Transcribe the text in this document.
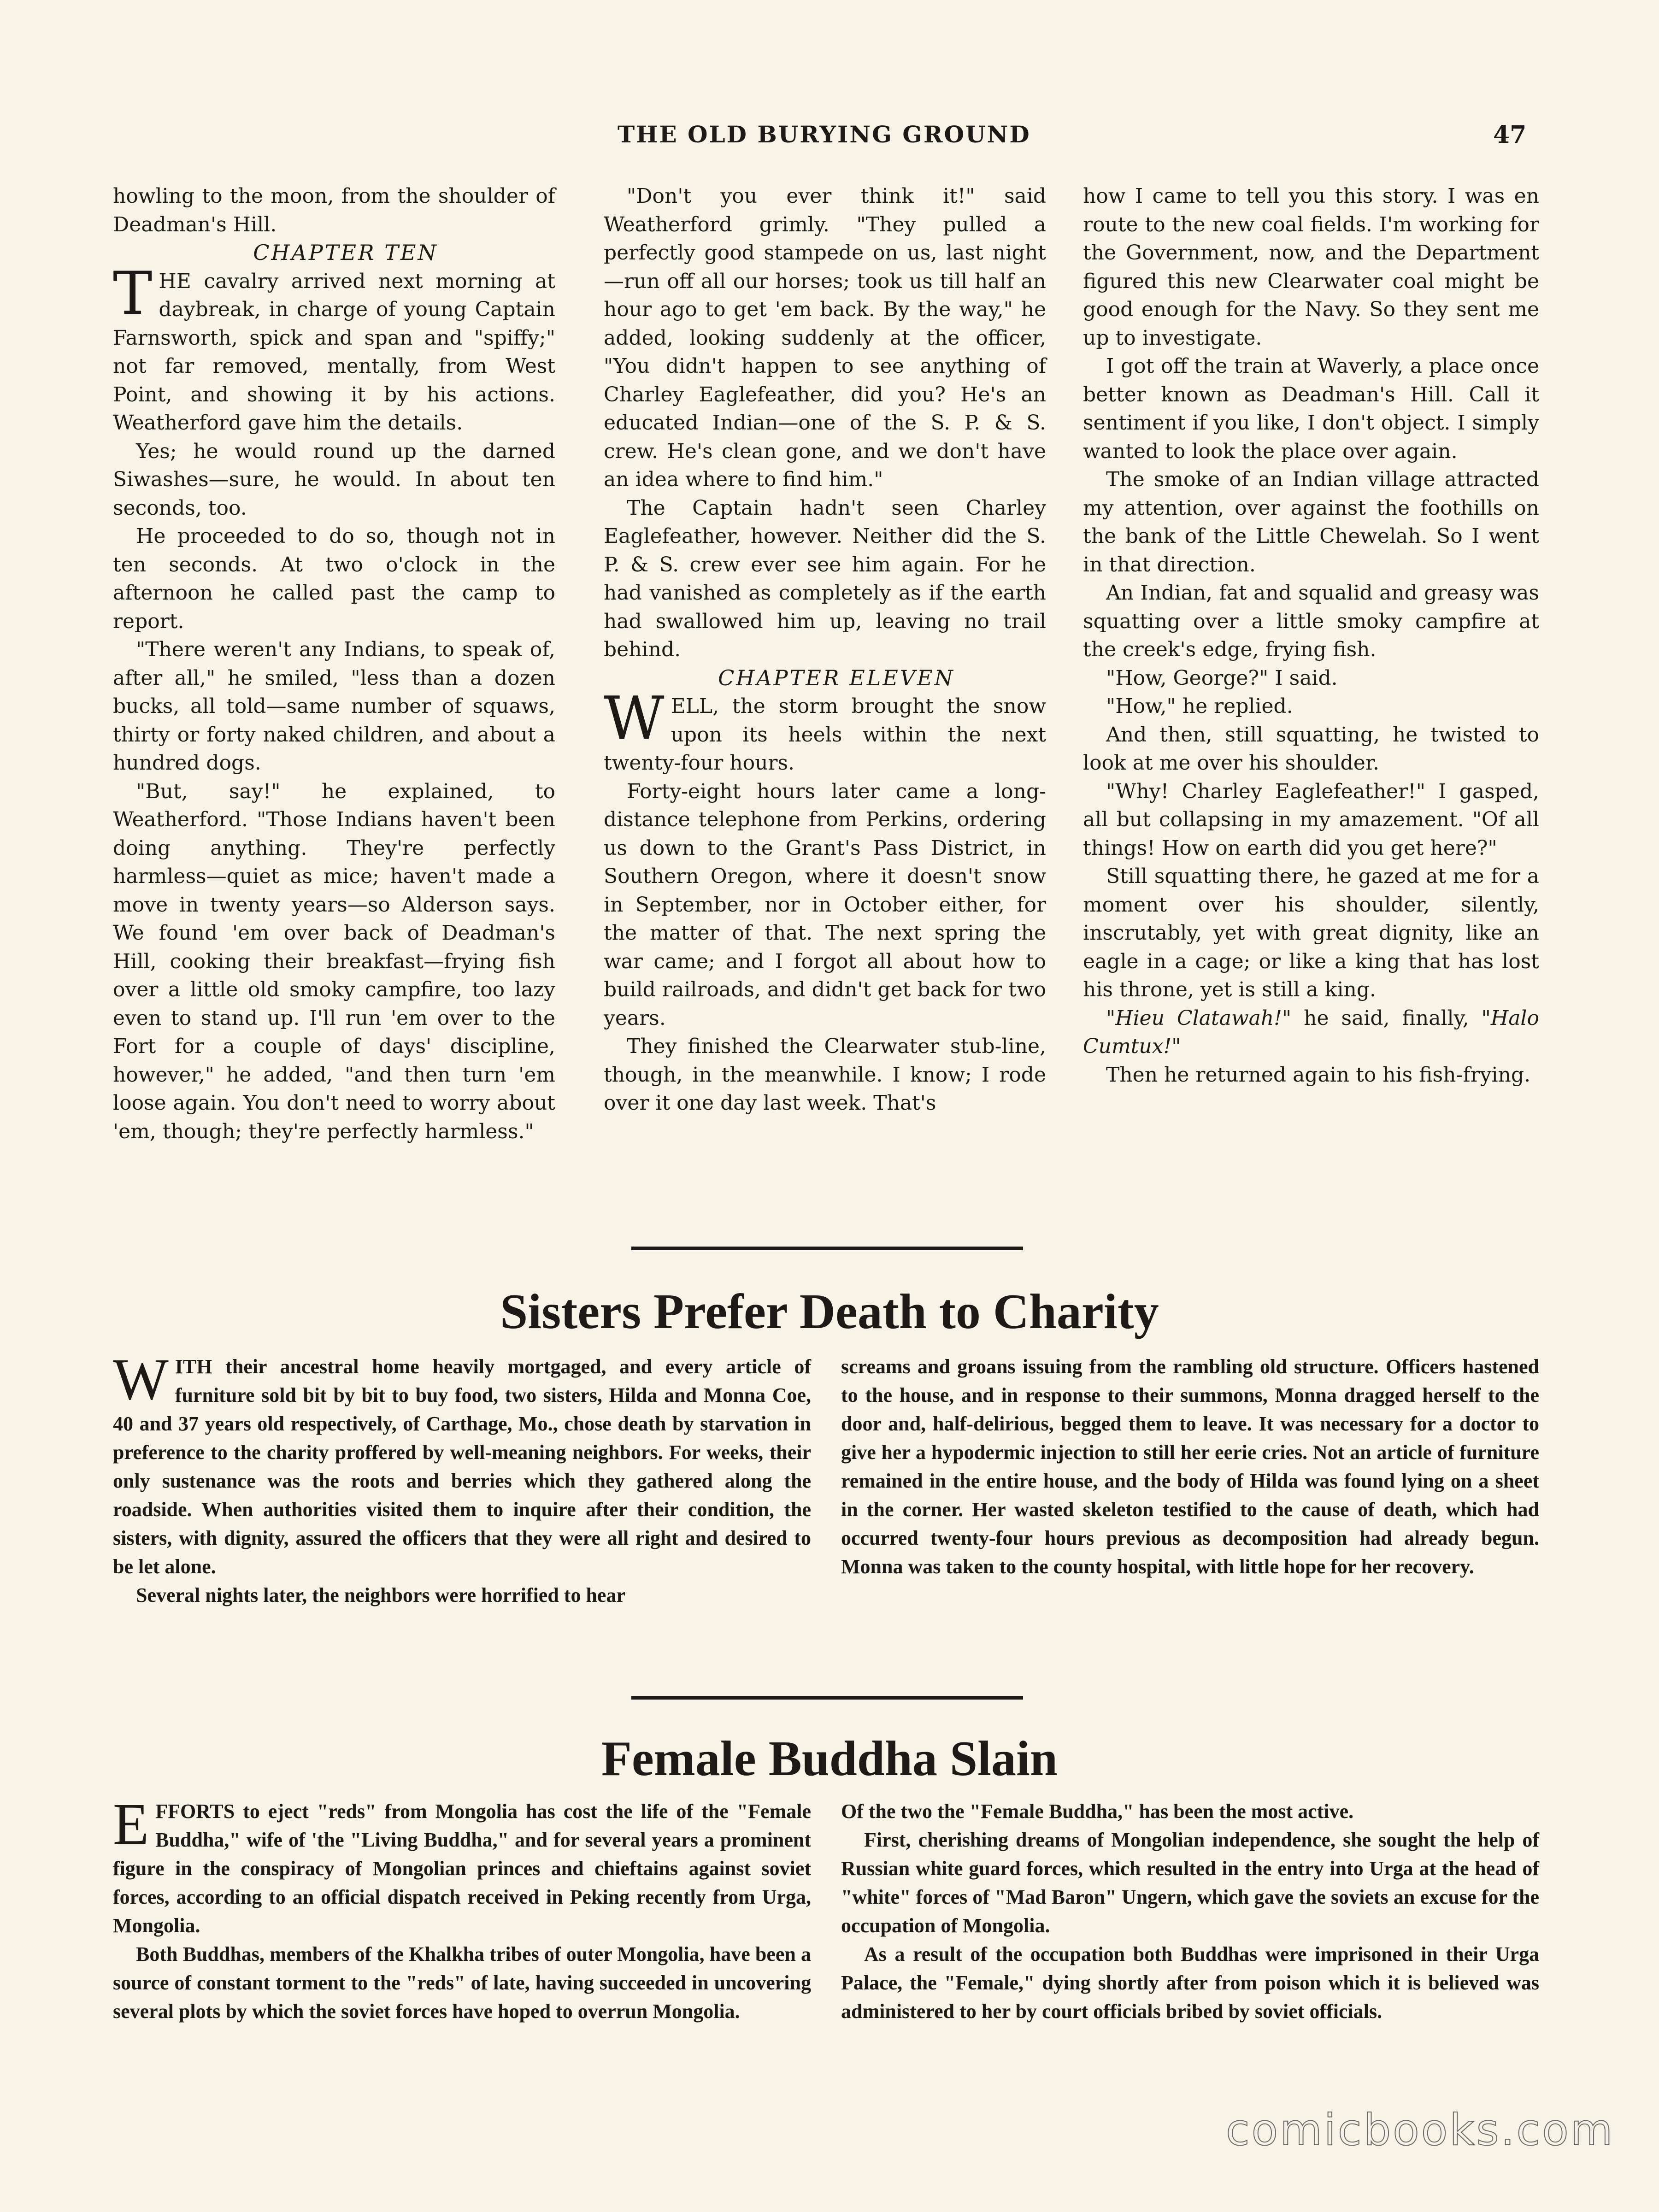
THE OLD BURYING GROUND	47

howling to the moon, from the shoulder of Deadman's Hill.

CHAPTER TEN

THE cavalry arrived next morning at daybreak, in charge of young Captain Farnsworth, spick and span and "spiffy;" not far removed, mentally, from West Point, and showing it by his actions. Weatherford gave him the details.

Yes; he would round up the darned Siwashes—sure, he would. In about ten seconds, too.

He proceeded to do so, though not in ten seconds. At two o'clock in the afternoon he called past the camp to report.

"There weren't any Indians, to speak of, after all," he smiled, "less than a dozen bucks, all told—same number of squaws, thirty or forty naked children, and about a hundred dogs.

"But, say!" he explained, to Weatherford. "Those Indians haven't been doing anything. They're perfectly harmless—quiet as mice; haven't made a move in twenty years—so Alderson says. We found 'em over back of Deadman's Hill, cooking their breakfast—frying fish over a little old smoky campfire, too lazy even to stand up. I'll run 'em over to the Fort for a couple of days' discipline, however," he added, "and then turn 'em loose again. You don't need to worry about 'em, though; they're perfectly harmless."

"Don't you ever think it!" said Weatherford grimly. "They pulled a perfectly good stampede on us, last night—run off all our horses; took us till half an hour ago to get 'em back. By the way," he added, looking suddenly at the officer, "You didn't happen to see anything of Charley Eaglefeather, did you? He's an educated Indian—one of the S. P. & S. crew. He's clean gone, and we don't have an idea where to find him."

The Captain hadn't seen Charley Eaglefeather, however. Neither did the S. P. & S. crew ever see him again. For he had vanished as completely as if the earth had swallowed him up, leaving no trail behind.

CHAPTER ELEVEN

WELL, the storm brought the snow upon its heels within the next twenty-four hours.

Forty-eight hours later came a long-distance telephone from Perkins, ordering us down to the Grant's Pass District, in Southern Oregon, where it doesn't snow in September, nor in October either, for the matter of that. The next spring the war came; and I forgot all about how to build railroads, and didn't get back for two years.

They finished the Clearwater stub-line, though, in the meanwhile. I know; I rode over it one day last week. That's

how I came to tell you this story. I was en route to the new coal fields. I'm working for the Government, now, and the Department figured this new Clearwater coal might be good enough for the Navy. So they sent me up to investigate.

I got off the train at Waverly, a place once better known as Deadman's Hill. Call it sentiment if you like, I don't object. I simply wanted to look the place over again.

The smoke of an Indian village attracted my attention, over against the foothills on the bank of the Little Chewelah. So I went in that direction.

An Indian, fat and squalid and greasy was squatting over a little smoky campfire at the creek's edge, frying fish.

"How, George?" I said.

"How," he replied.

And then, still squatting, he twisted to look at me over his shoulder.

"Why! Charley Eaglefeather!" I gasped, all but collapsing in my amazement. "Of all things! How on earth did you get here?"

Still squatting there, he gazed at me for a moment over his shoulder, silently, inscrutably, yet with great dignity, like an eagle in a cage; or like a king that has lost his throne, yet is still a king.

"Hieu Clatawah!" he said, finally, "Halo Cumtux!"

Then he returned again to his fish-frying.

Sisters Prefer Death to Charity

WITH their ancestral home heavily mortgaged, and every article of furniture sold bit by bit to buy food, two sisters, Hilda and Monna Coe, 40 and 37 years old respectively, of Carthage, Mo., chose death by starvation in preference to the charity proffered by well-meaning neighbors. For weeks, their only sustenance was the roots and berries which they gathered along the roadside. When authorities visited them to inquire after their condition, the sisters, with dignity, assured the officers that they were all right and desired to be let alone.

Several nights later, the neighbors were horrified to hear

screams and groans issuing from the rambling old structure. Officers hastened to the house, and in response to their summons, Monna dragged herself to the door and, half-delirious, begged them to leave. It was necessary for a doctor to give her a hypodermic injection to still her eerie cries. Not an article of furniture remained in the entire house, and the body of Hilda was found lying on a sheet in the corner. Her wasted skeleton testified to the cause of death, which had occurred twenty-four hours previous as decomposition had already begun. Monna was taken to the county hospital, with little hope for her recovery.

Female Buddha Slain

EFFORTS to eject "reds" from Mongolia has cost the life of the "Female Buddha," wife of 'the "Living Buddha," and for several years a prominent figure in the conspiracy of Mongolian princes and chieftains against soviet forces, according to an official dispatch received in Peking recently from Urga, Mongolia.

Both Buddhas, members of the Khalkha tribes of outer Mongolia, have been a source of constant torment to the "reds" of late, having succeeded in uncovering several plots by which the soviet forces have hoped to overrun Mongolia.

Of the two the "Female Buddha," has been the most active.

First, cherishing dreams of Mongolian independence, she sought the help of Russian white guard forces, which resulted in the entry into Urga at the head of "white" forces of "Mad Baron" Ungern, which gave the soviets an excuse for the occupation of Mongolia.

As a result of the occupation both Buddhas were imprisoned in their Urga Palace, the "Female," dying shortly after from poison which it is believed was administered to her by court officials bribed by soviet officials.

comicbooks.com
